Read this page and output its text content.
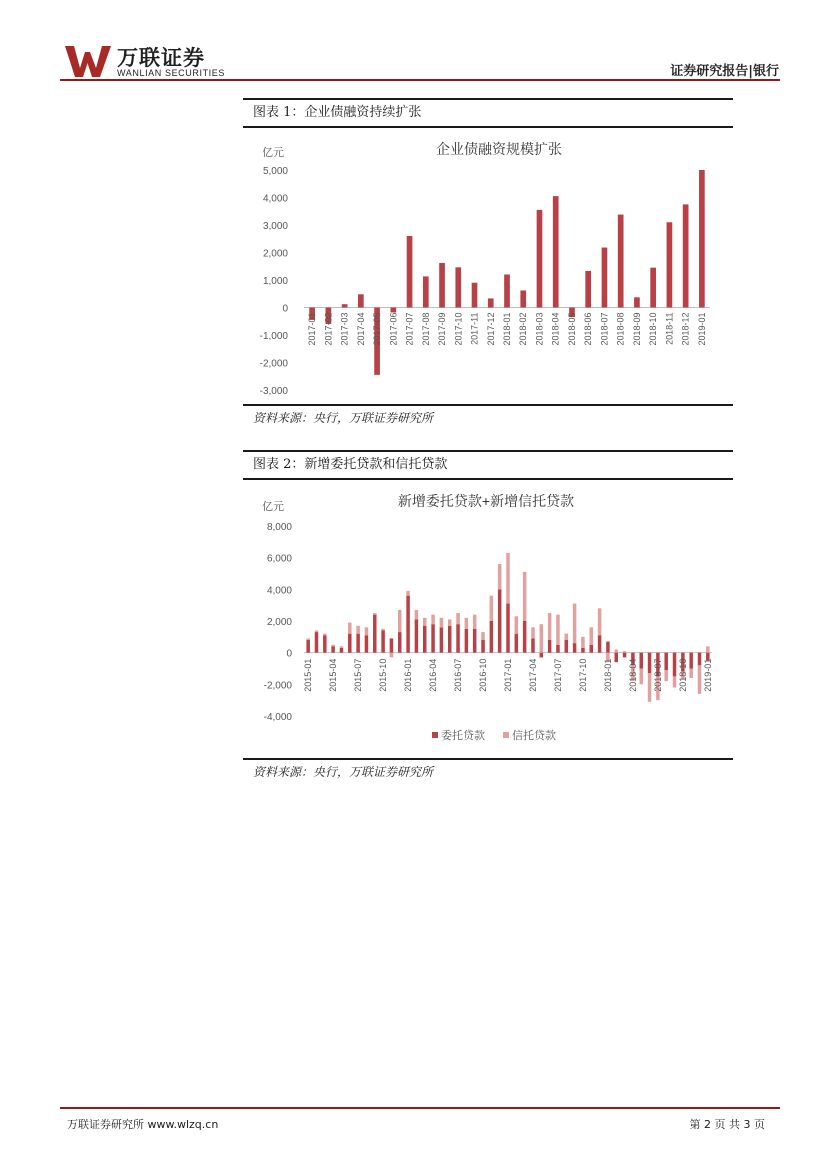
万联证券
WANLIAN SECURITIES	证券研究报告|银行
图表 1：企业债融资持续扩张
企业债融资规模扩张
亿元
5,000
4,000
3,000
2,000
1,000
0
-1,000
-2,000
-3,000
2017-01 2017-02 2017-03 2017-04 2017-05 2017-06 2017-07 2017-08 2017-09 2017-10 2017-11 2017-12 2018-01 2018-02 2018-03 2018-04 2018-05 2018-06 2018-07 2018-08 2018-09 2018-10 2018-11 2018-12 2019-01
资料来源：央行，万联证券研究所
图表 2：新增委托贷款和信托贷款
新增委托贷款+新增信托贷款
亿元
8,000
6,000
4,000
2,000
0
-2,000
-4,000
2015-01 2015-04 2015-07 2015-10 2016-01 2016-04 2016-07 2016-10 2017-01 2017-04 2017-07 2017-10 2018-01 2018-04 2018-07 2018-10 2019-01
委托贷款 信托贷款
资料来源：央行，万联证券研究所
万联证券研究所 www.wlzq.cn	第 2 页 共 3 页
